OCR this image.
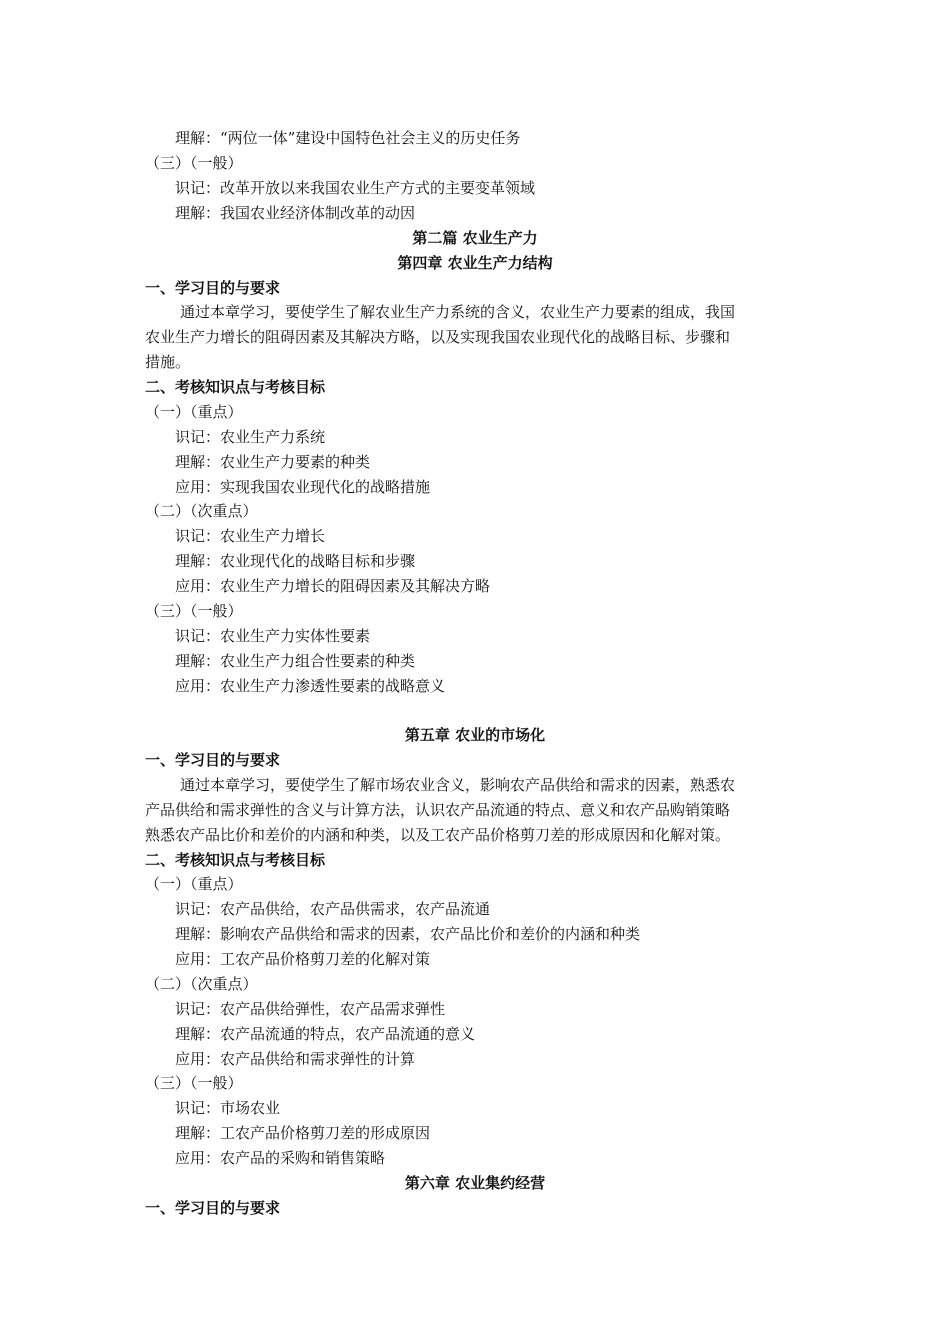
理解：“两位一体”建设中国特色社会主义的历史任务
（三）（一般）
识记：改革开放以来我国农业生产方式的主要变革领域
理解：我国农业经济体制改革的动因
第二篇 农业生产力
第四章 农业生产力结构
一、学习目的与要求
通过本章学习，要使学生了解农业生产力系统的含义，农业生产力要素的组成，我国
农业生产力增长的阻碍因素及其解决方略，以及实现我国农业现代化的战略目标、步骤和
措施。
二、考核知识点与考核目标
（一）（重点）
识记：农业生产力系统
理解：农业生产力要素的种类
应用：实现我国农业现代化的战略措施
（二）（次重点）
识记：农业生产力增长
理解：农业现代化的战略目标和步骤
应用：农业生产力增长的阻碍因素及其解决方略
（三）（一般）
识记：农业生产力实体性要素
理解：农业生产力组合性要素的种类
应用：农业生产力渗透性要素的战略意义
第五章 农业的市场化
一、学习目的与要求
通过本章学习，要使学生了解市场农业含义，影响农产品供给和需求的因素，熟悉农
产品供给和需求弹性的含义与计算方法，认识农产品流通的特点、意义和农产品购销策略
熟悉农产品比价和差价的内涵和种类，以及工农产品价格剪刀差的形成原因和化解对策。
二、考核知识点与考核目标
（一）（重点）
识记：农产品供给，农产品供需求，农产品流通
理解：影响农产品供给和需求的因素，农产品比价和差价的内涵和种类
应用：工农产品价格剪刀差的化解对策
（二）（次重点）
识记：农产品供给弹性，农产品需求弹性
理解：农产品流通的特点，农产品流通的意义
应用：农产品供给和需求弹性的计算
（三）（一般）
识记：市场农业
理解：工农产品价格剪刀差的形成原因
应用：农产品的采购和销售策略
第六章 农业集约经营
一、学习目的与要求
